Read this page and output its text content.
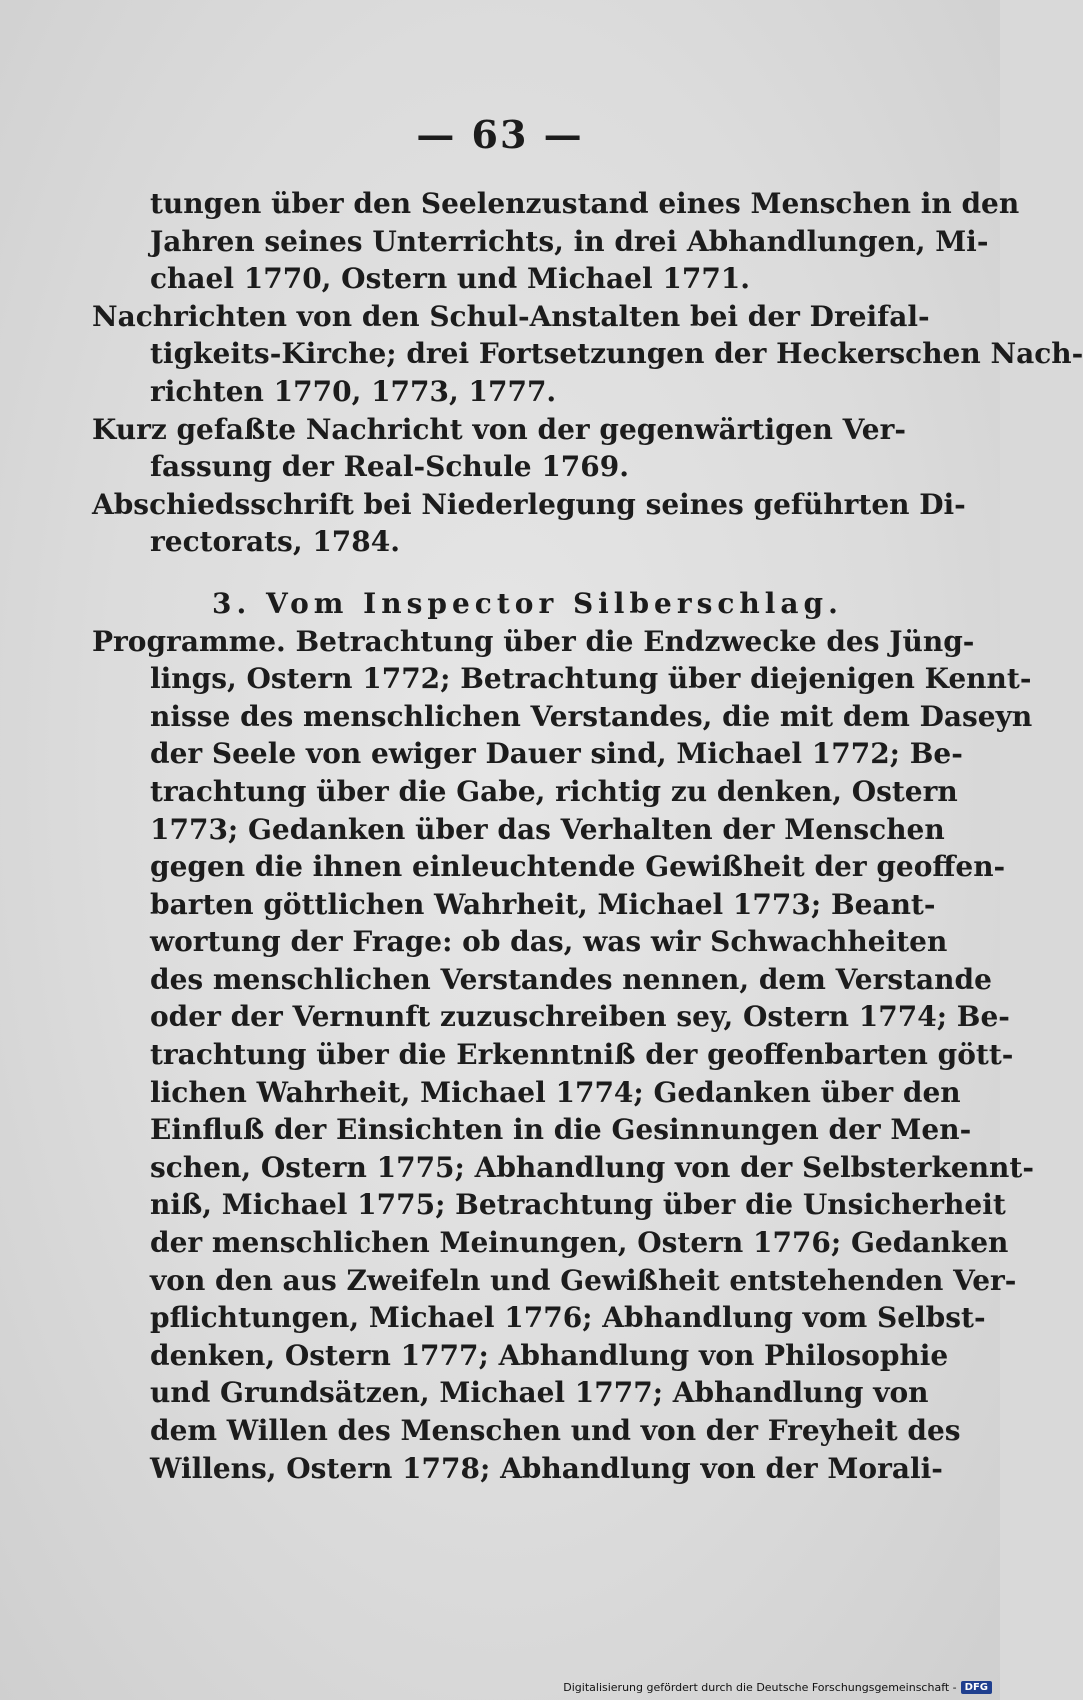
— 63 —
tungen über den Seelenzustand eines Menschen in den
Jahren seines Unterrichts, in drei Abhandlungen, Mi-
chael 1770, Ostern und Michael 1771.
Nachrichten von den Schul-Anstalten bei der Dreifal-
tigkeits-Kirche; drei Fortsetzungen der Heckerschen Nach-
richten 1770, 1773, 1777.
Kurz gefaßte Nachricht von der gegenwärtigen Ver-
fassung der Real-Schule 1769.
Abschiedsschrift bei Niederlegung seines geführten Di-
rectorats, 1784.
3. Vom Inspector Silberschlag.
Programme. Betrachtung über die Endzwecke des Jüng-
lings, Ostern 1772; Betrachtung über diejenigen Kennt-
nisse des menschlichen Verstandes, die mit dem Daseyn
der Seele von ewiger Dauer sind, Michael 1772; Be-
trachtung über die Gabe, richtig zu denken, Ostern
1773; Gedanken über das Verhalten der Menschen
gegen die ihnen einleuchtende Gewißheit der geoffen-
barten göttlichen Wahrheit, Michael 1773; Beant-
wortung der Frage: ob das, was wir Schwachheiten
des menschlichen Verstandes nennen, dem Verstande
oder der Vernunft zuzuschreiben sey, Ostern 1774; Be-
trachtung über die Erkenntniß der geoffenbarten gött-
lichen Wahrheit, Michael 1774; Gedanken über den
Einfluß der Einsichten in die Gesinnungen der Men-
schen, Ostern 1775; Abhandlung von der Selbsterkennt-
niß, Michael 1775; Betrachtung über die Unsicherheit
der menschlichen Meinungen, Ostern 1776; Gedanken
von den aus Zweifeln und Gewißheit entstehenden Ver-
pflichtungen, Michael 1776; Abhandlung vom Selbst-
denken, Ostern 1777; Abhandlung von Philosophie
und Grundsätzen, Michael 1777; Abhandlung von
dem Willen des Menschen und von der Freyheit des
Willens, Ostern 1778; Abhandlung von der Morali-
Digitalisierung gefördert durch die Deutsche Forschungsgemeinschaft - DFG
